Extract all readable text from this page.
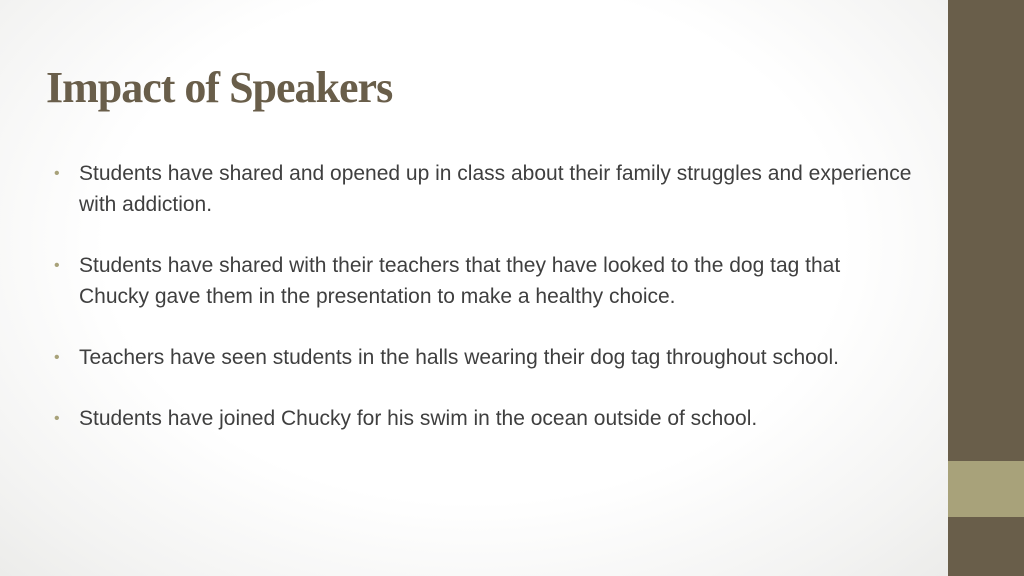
Impact of Speakers
• Students have shared and opened up in class about their family struggles and experience with addiction.
• Students have shared with their teachers that they have looked to the dog tag that Chucky gave them in the presentation to make a healthy choice.
• Teachers have seen students in the halls wearing their dog tag throughout school.
• Students have joined Chucky for his swim in the ocean outside of school.
